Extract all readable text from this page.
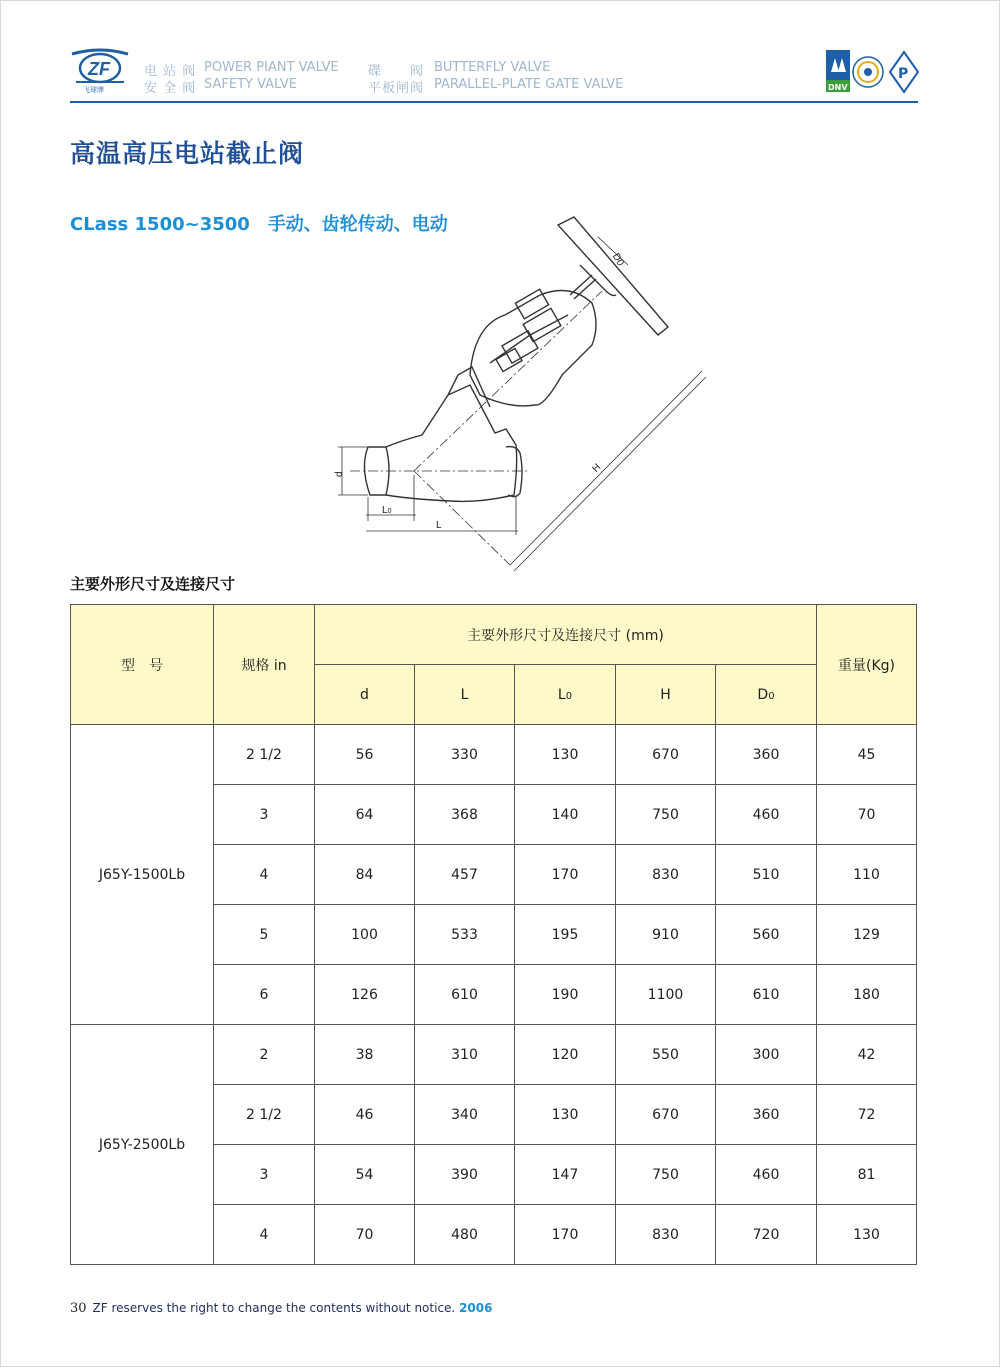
ZF
飞球牌
电 站 阀 POWER PIANT VALVE
安 全 阀 SAFETY VALVE
碟　　阀 BUTTERFLY VALVE
平板闸阀 PARALLEL-PLATE GATE VALVE	DNV
P
高温高压电站截止阀
CLass 1500~3500 手动、齿轮传动、电动
d
L0
L
H
D0
主要外形尺寸及连接尺寸
型　号	规格 in	主要外形尺寸及连接尺寸 (mm)					重量(Kg)
		d	L	L0	H	D0	
J65Y-1500Lb	2 1/2	56	330	130	670	360	45
	3	64	368	140	750	460	70
	4	84	457	170	830	510	110
	5	100	533	195	910	560	129
	6	126	610	190	1100	610	180
J65Y-2500Lb	2	38	310	120	550	300	42
	2 1/2	46	340	130	670	360	72
	3	54	390	147	750	460	81
	4	70	480	170	830	720	130
30 ZF reserves the right to change the contents without notice. 2006
